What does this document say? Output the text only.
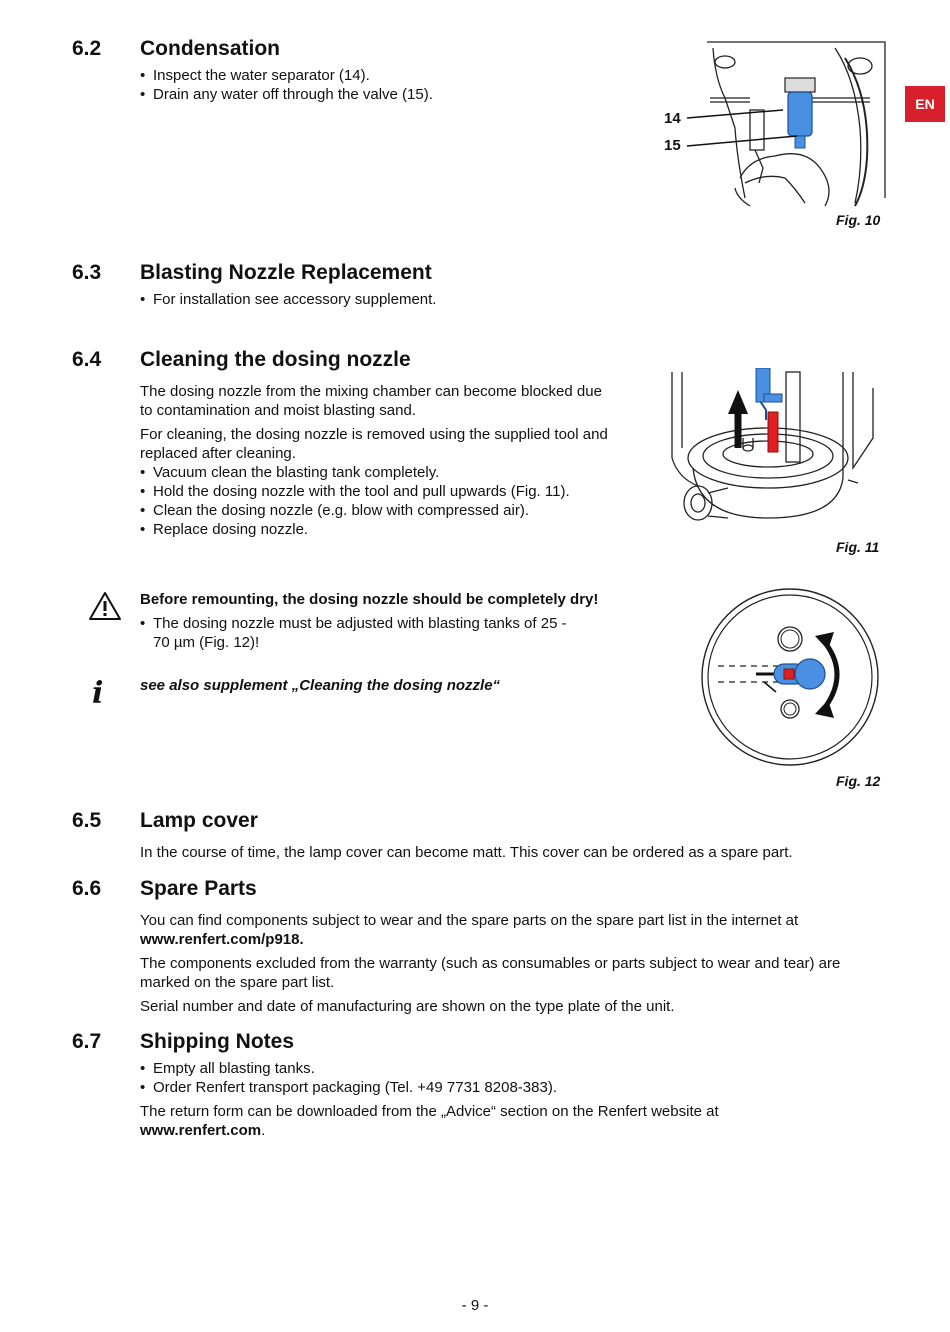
EN
6.2 Condensation
• Inspect the water separator (14).
• Drain any water off through the valve (15).
14
15
Fig. 10
6.3 Blasting Nozzle Replacement
• For installation see accessory supplement.
6.4 Cleaning the dosing nozzle

The dosing nozzle from the mixing chamber can become blocked due to contamination and moist blasting sand.

For cleaning, the dosing nozzle is removed using the supplied tool and replaced after cleaning.

• Vacuum clean the blasting tank completely.
• Hold the dosing nozzle with the tool and pull upwards (Fig. 11).
• Clean the dosing nozzle (e.g. blow with compressed air).
• Replace dosing nozzle.
Fig. 11
Before remounting, the dosing nozzle should be completely dry!
• The dosing nozzle must be adjusted with blasting tanks of 25 - 70 µm (Fig. 12)!
i see also supplement „Cleaning the dosing nozzle“
Fig. 12
6.5 Lamp cover
In the course of time, the lamp cover can become matt. This cover can be ordered as a spare part.
6.6 Spare Parts

You can find components subject to wear and the spare parts on the spare part list in the internet at www.renfert.com/p918.

The components excluded from the warranty (such as consumables or parts subject to wear and tear) are marked on the spare part list.

Serial number and date of manufacturing are shown on the type plate of the unit.

6.7 Shipping Notes
• Empty all blasting tanks.
• Order Renfert transport packaging (Tel. +49 7731 8208-383).

The return form can be downloaded from the „Advice“ section on the Renfert website at www.renfert.com.

- 9 -
